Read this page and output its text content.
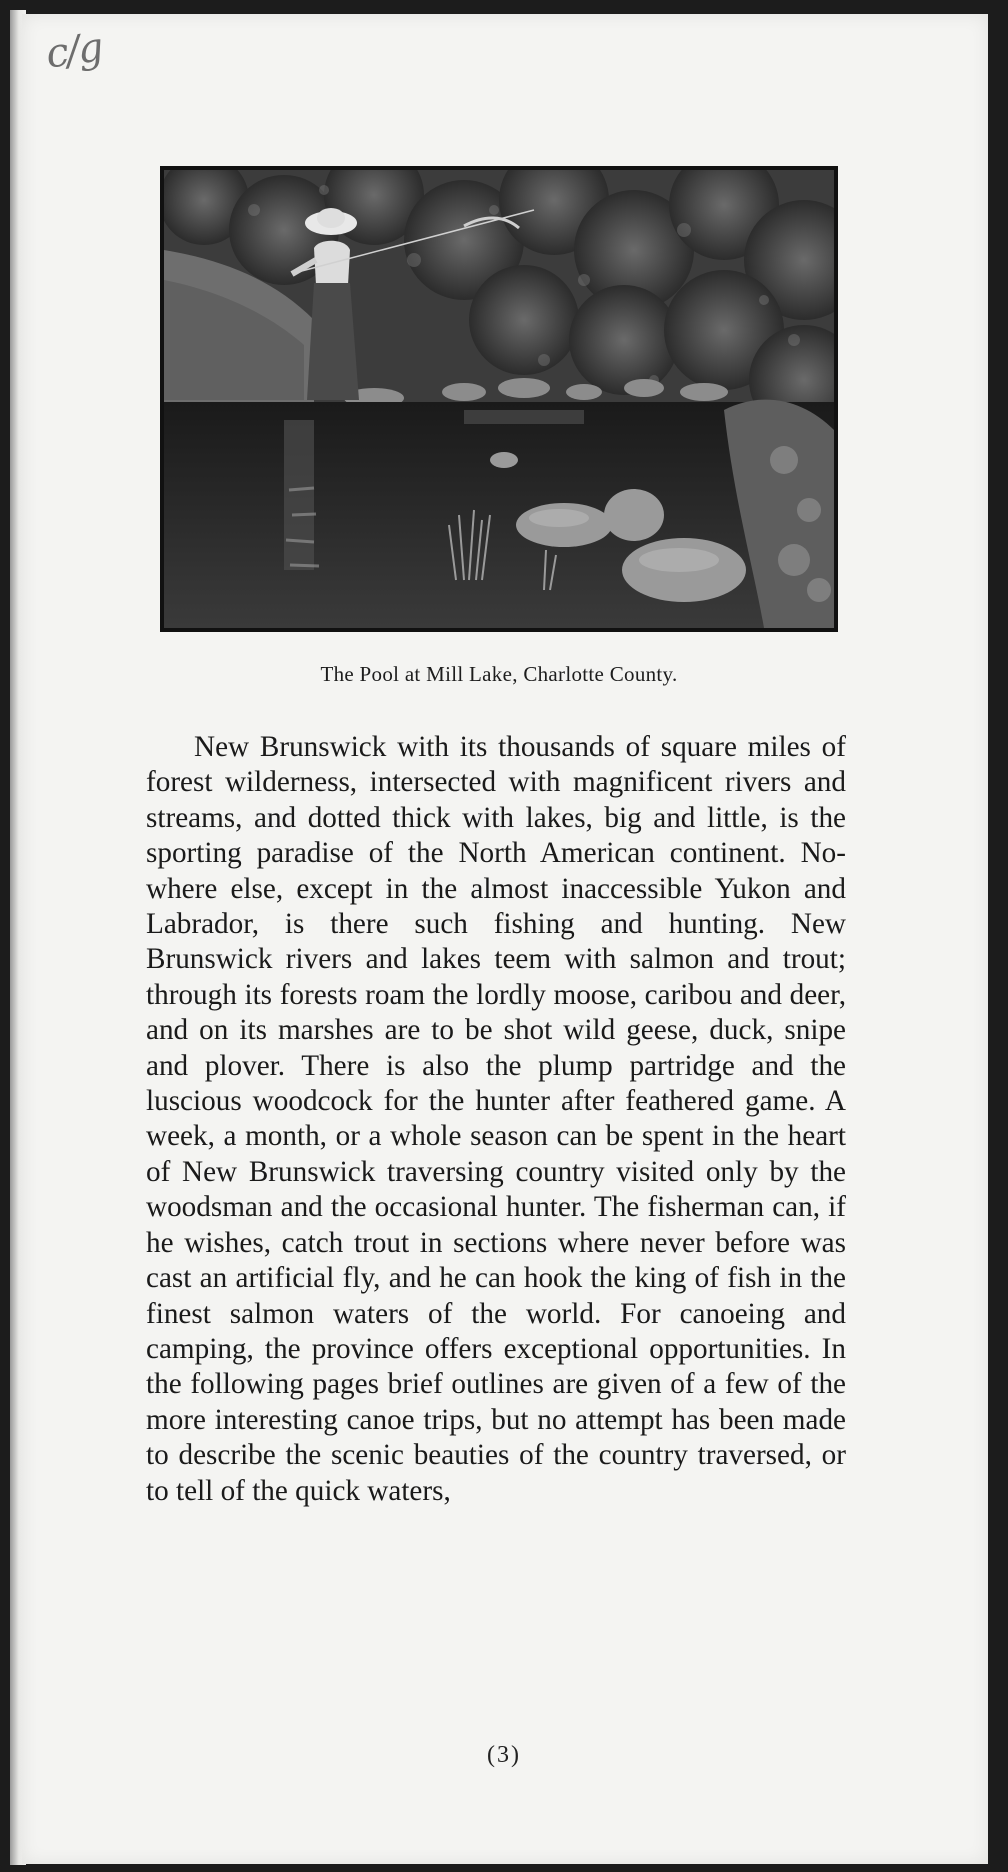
c/g
The Pool at Mill Lake, Charlotte County.

New Brunswick with its thousands of square miles of forest wilderness, intersected with magnificent rivers and streams, and dotted thick with lakes, big and little, is the sporting paradise of the North American continent. Nowhere else, except in the almost inaccessible Yukon and Labrador, is there such fishing and hunting. New Brunswick rivers and lakes teem with salmon and trout; through its forests roam the lordly moose, caribou and deer, and on its marshes are to be shot wild geese, duck, snipe and plover. There is also the plump partridge and the luscious woodcock for the hunter after feathered game. A week, a month, or a whole season can be spent in the heart of New Brunswick traversing country visited only by the woodsman and the occasional hunter. The fisherman can, if he wishes, catch trout in sections where never before was cast an artificial fly, and he can hook the king of fish in the finest salmon waters of the world. For canoeing and camping, the province offers exceptional opportunities. In the following pages brief outlines are given of a few of the more interesting canoe trips, but no attempt has been made to describe the scenic beauties of the country traversed, or to tell of the quick waters,

(3)
